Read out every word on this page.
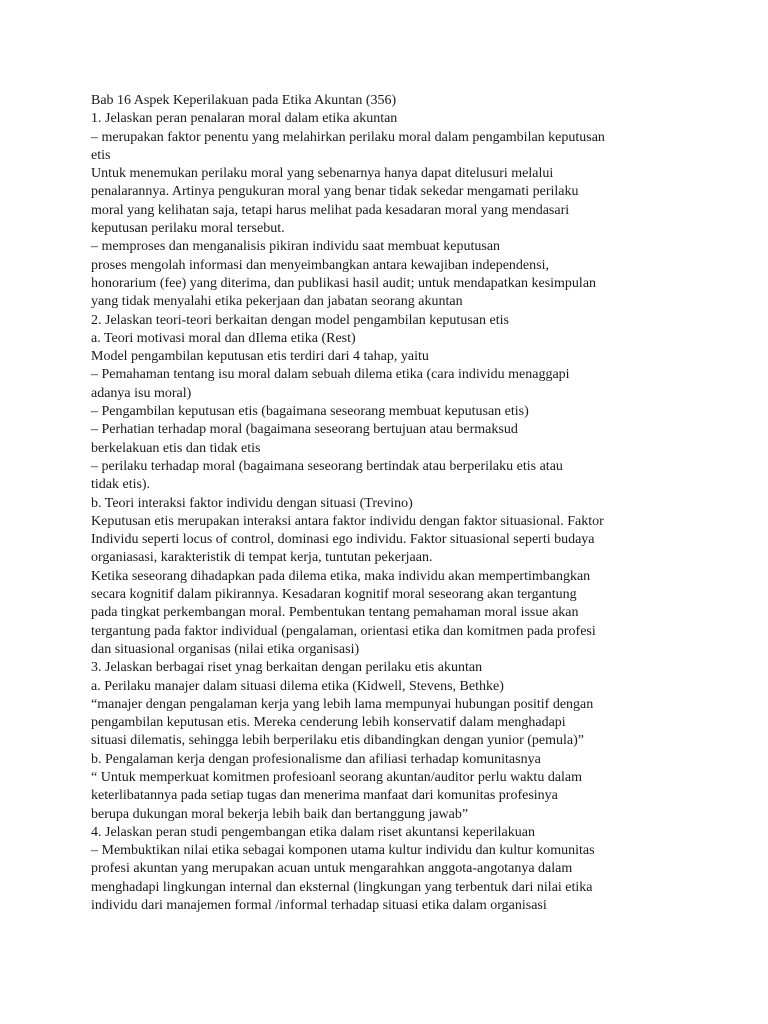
Bab 16 Aspek Keperilakuan pada Etika Akuntan (356)
1. Jelaskan peran penalaran moral dalam etika akuntan
– merupakan faktor penentu yang melahirkan perilaku moral dalam pengambilan keputusan
etis
Untuk menemukan perilaku moral yang sebenarnya hanya dapat ditelusuri melalui
penalarannya. Artinya pengukuran moral yang benar tidak sekedar mengamati perilaku
moral yang kelihatan saja, tetapi harus melihat pada kesadaran moral yang mendasari
keputusan perilaku moral tersebut.
– memproses dan menganalisis pikiran individu saat membuat keputusan
proses mengolah informasi dan menyeimbangkan antara kewajiban independensi,
honorarium (fee) yang diterima, dan publikasi hasil audit; untuk mendapatkan kesimpulan
yang tidak menyalahi etika pekerjaan dan jabatan seorang akuntan
2. Jelaskan teori-teori berkaitan dengan model pengambilan keputusan etis
a. Teori motivasi moral dan dIlema etika (Rest)
Model pengambilan keputusan etis terdiri dari 4 tahap, yaitu
– Pemahaman tentang isu moral dalam sebuah dilema etika (cara individu menaggapi
adanya isu moral)
– Pengambilan keputusan etis (bagaimana seseorang membuat keputusan etis)
– Perhatian terhadap moral (bagaimana seseorang bertujuan atau bermaksud
berkelakuan etis dan tidak etis
– perilaku terhadap moral (bagaimana seseorang bertindak atau berperilaku etis atau
tidak etis).
b. Teori interaksi faktor individu dengan situasi (Trevino)
Keputusan etis merupakan interaksi antara faktor individu dengan faktor situasional. Faktor
Individu seperti locus of control, dominasi ego individu. Faktor situasional seperti budaya
organiasasi, karakteristik di tempat kerja, tuntutan pekerjaan.
Ketika seseorang dihadapkan pada dilema etika, maka individu akan mempertimbangkan
secara kognitif dalam pikirannya. Kesadaran kognitif moral seseorang akan tergantung
pada tingkat perkembangan moral. Pembentukan tentang pemahaman moral issue akan
tergantung pada faktor individual (pengalaman, orientasi etika dan komitmen pada profesi
dan situasional organisas (nilai etika organisasi)
3. Jelaskan berbagai riset ynag berkaitan dengan perilaku etis akuntan
a. Perilaku manajer dalam situasi dilema etika (Kidwell, Stevens, Bethke)
“manajer dengan pengalaman kerja yang lebih lama mempunyai hubungan positif dengan
pengambilan keputusan etis. Mereka cenderung lebih konservatif dalam menghadapi
situasi dilematis, sehingga lebih berperilaku etis dibandingkan dengan yunior (pemula)”
b. Pengalaman kerja dengan profesionalisme dan afiliasi terhadap komunitasnya
“ Untuk memperkuat komitmen profesioanl seorang akuntan/auditor perlu waktu dalam
keterlibatannya pada setiap tugas dan menerima manfaat dari komunitas profesinya
berupa dukungan moral bekerja lebih baik dan bertanggung jawab”
4. Jelaskan peran studi pengembangan etika dalam riset akuntansi keperilakuan
– Membuktikan nilai etika sebagai komponen utama kultur individu dan kultur komunitas
profesi akuntan yang merupakan acuan untuk mengarahkan anggota-angotanya dalam
menghadapi lingkungan internal dan eksternal (lingkungan yang terbentuk dari nilai etika
individu dari manajemen formal /informal terhadap situasi etika dalam organisasi
